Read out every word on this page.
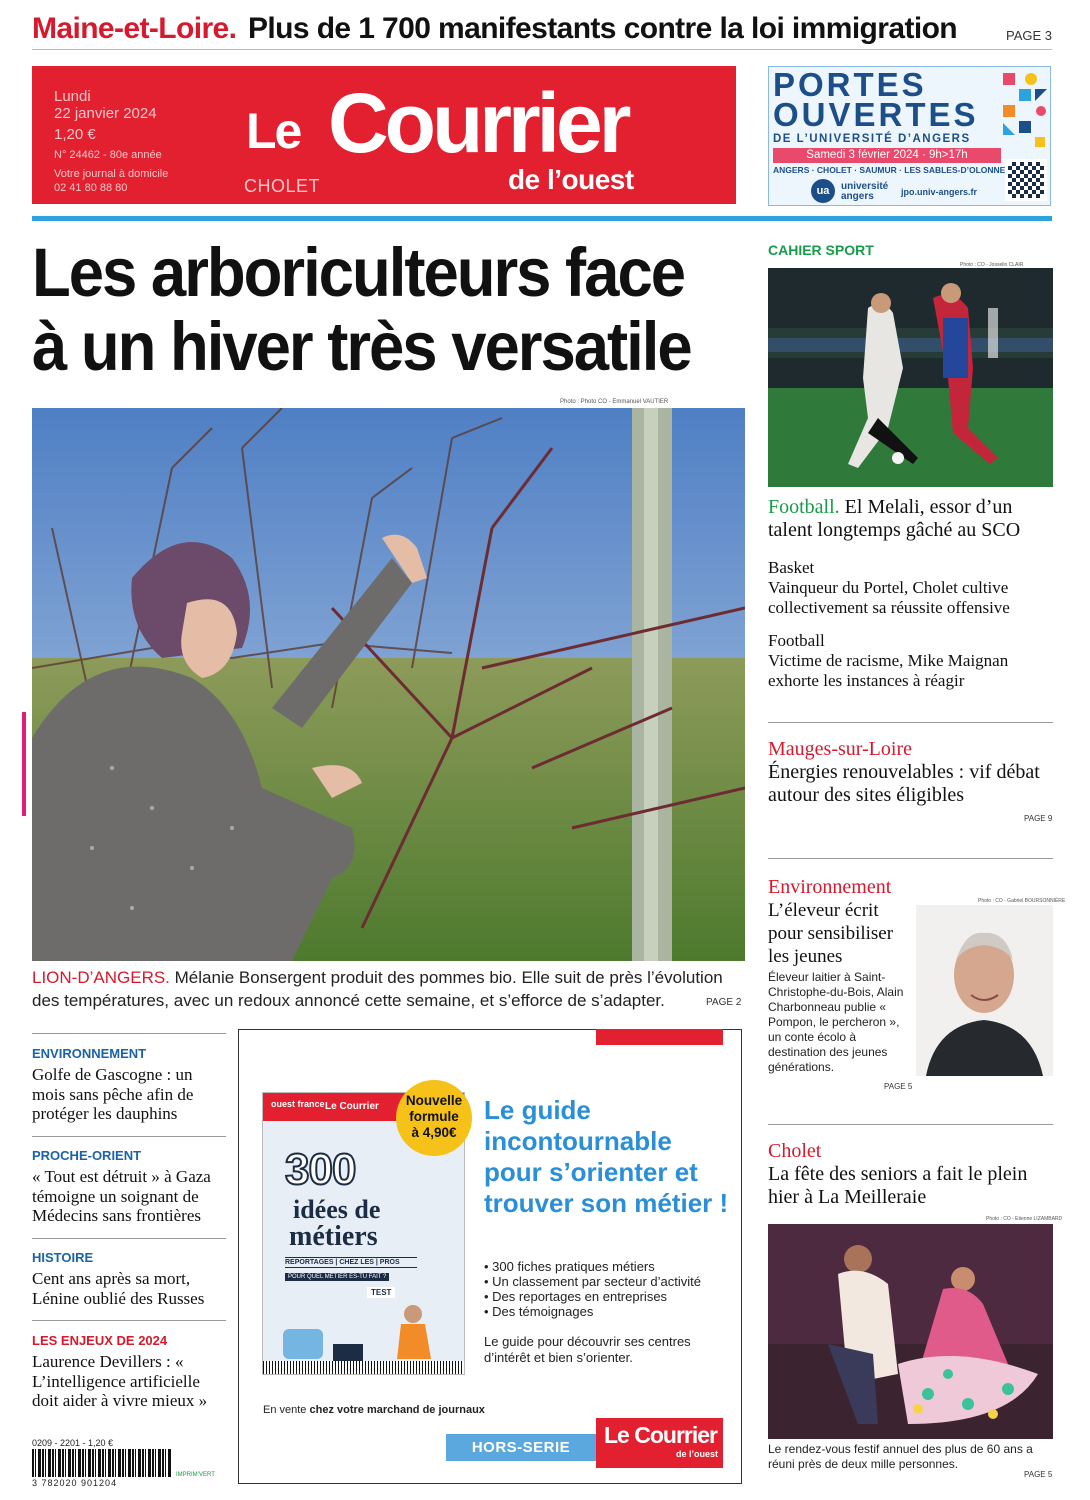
Maine-et-Loire. Plus de 1 700 manifestants contre la loi immigration	PAGE 3
Lundi
22 janvier 2024
1,20 €
N° 24462 - 80e année
Votre journal à domicile
02 41 80 88 80
Le Courrier
de l’ouest
CHOLET
PORTES
OUVERTES
DE L’UNIVERSITÉ D’ANGERS
Samedi 3 février 2024 · 9h>17h
ANGERS · CHOLET · SAUMUR · LES SABLES-D’OLONNE
ua	université
angers	jpo.univ-angers.fr
Les arboriculteurs face
à un hiver très versatile
Photo : Photo CO - Emmanuel VAUTIER
LION-D’ANGERS. Mélanie Bonsergent produit des pommes bio. Elle suit de près l’évolution des températures, avec un redoux annoncé cette semaine, et s’efforce de s’adapter.	PAGE 2
CAHIER SPORT
Photo : CO - Josselin CLAIR
Football. El Melali, essor d’un talent longtemps gâché au SCO
Basket
Vainqueur du Portel, Cholet cultive collectivement sa réussite offensive
Football
Victime de racisme, Mike Maignan exhorte les instances à réagir
Mauges-sur-Loire
Énergies renouvelables : vif débat autour des sites éligibles
PAGE 9
Environnement
L’éleveur écrit pour sensibiliser les jeunes
Éleveur laitier à Saint-Christophe-du-Bois, Alain Charbonneau publie « Pompon, le percheron », un conte écolo à destination des jeunes générations.
Photo : CO - Gabriel BOURSONNIÈRE
PAGE 5
Cholet
La fête des seniors a fait le plein hier à La Meilleraie
Photo : CO - Etienne LIZAMBARD
Le rendez-vous festif annuel des plus de 60 ans a réuni près de deux mille personnes.
PAGE 5
ENVIRONNEMENT
Golfe de Gascogne : un mois sans pêche afin de protéger les dauphins
PROCHE-ORIENT
« Tout est détruit » à Gaza témoigne un soignant de Médecins sans frontières
HISTOIRE
Cent ans après sa mort, Lénine oublié des Russes
LES ENJEUX DE 2024
Laurence Devillers : « L’intelligence artificielle doit aider à vivre mieux »
0209 - 2201 - 1,20 €
3 782020 901204
IMPRIM’VERT
ouest france Le Courrier
300
idées de
métiers
REPORTAGES | CHEZ LES | PROS
POUR QUEL MÉTIER ES-TU FAIT ?
TEST
Nouvelle
formule
à 4,90€
Le guide incontournable pour s’orienter et trouver son métier !
• 300 fiches pratiques métiers
• Un classement par secteur d’activité
• Des reportages en entreprises
• Des témoignages
Le guide pour découvrir ses centres d’intérêt et bien s’orienter.
En vente chez votre marchand de journaux
HORS-SERIE	Le Courrier
de l’ouest
